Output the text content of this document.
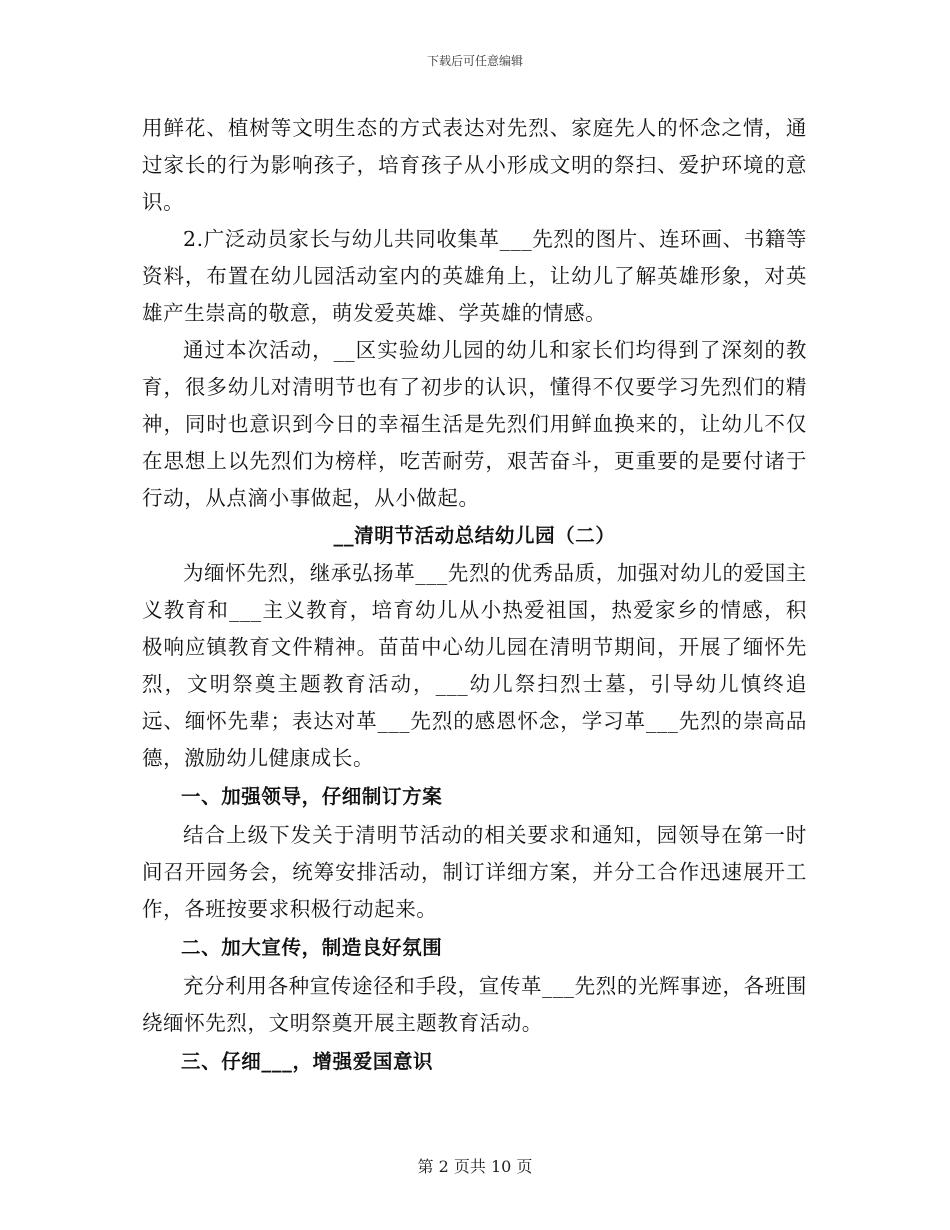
下载后可任意编辑

用鲜花、植树等文明生态的方式表达对先烈、家庭先人的怀念之情，通过家长的行为影响孩子，培育孩子从小形成文明的祭扫、爱护环境的意识。

2.广泛动员家长与幼儿共同收集革___先烈的图片、连环画、书籍等资料，布置在幼儿园活动室内的英雄角上，让幼儿了解英雄形象，对英雄产生崇高的敬意，萌发爱英雄、学英雄的情感。

通过本次活动，__区实验幼儿园的幼儿和家长们均得到了深刻的教育，很多幼儿对清明节也有了初步的认识，懂得不仅要学习先烈们的精神，同时也意识到今日的幸福生活是先烈们用鲜血换来的，让幼儿不仅在思想上以先烈们为榜样，吃苦耐劳，艰苦奋斗，更重要的是要付诸于行动，从点滴小事做起，从小做起。

__清明节活动总结幼儿园（二）

为缅怀先烈，继承弘扬革___先烈的优秀品质，加强对幼儿的爱国主义教育和___主义教育，培育幼儿从小热爱祖国，热爱家乡的情感，积极响应镇教育文件精神。苗苗中心幼儿园在清明节期间，开展了缅怀先烈，文明祭奠主题教育活动，___幼儿祭扫烈士墓，引导幼儿慎终追远、缅怀先辈；表达对革___先烈的感恩怀念，学习革___先烈的崇高品德，激励幼儿健康成长。

一、加强领导，仔细制订方案

结合上级下发关于清明节活动的相关要求和通知，园领导在第一时间召开园务会，统筹安排活动，制订详细方案，并分工合作迅速展开工作，各班按要求积极行动起来。

二、加大宣传，制造良好氛围

充分利用各种宣传途径和手段，宣传革___先烈的光辉事迹，各班围绕缅怀先烈，文明祭奠开展主题教育活动。

三、仔细___，增强爱国意识
第 2 页共 10 页
